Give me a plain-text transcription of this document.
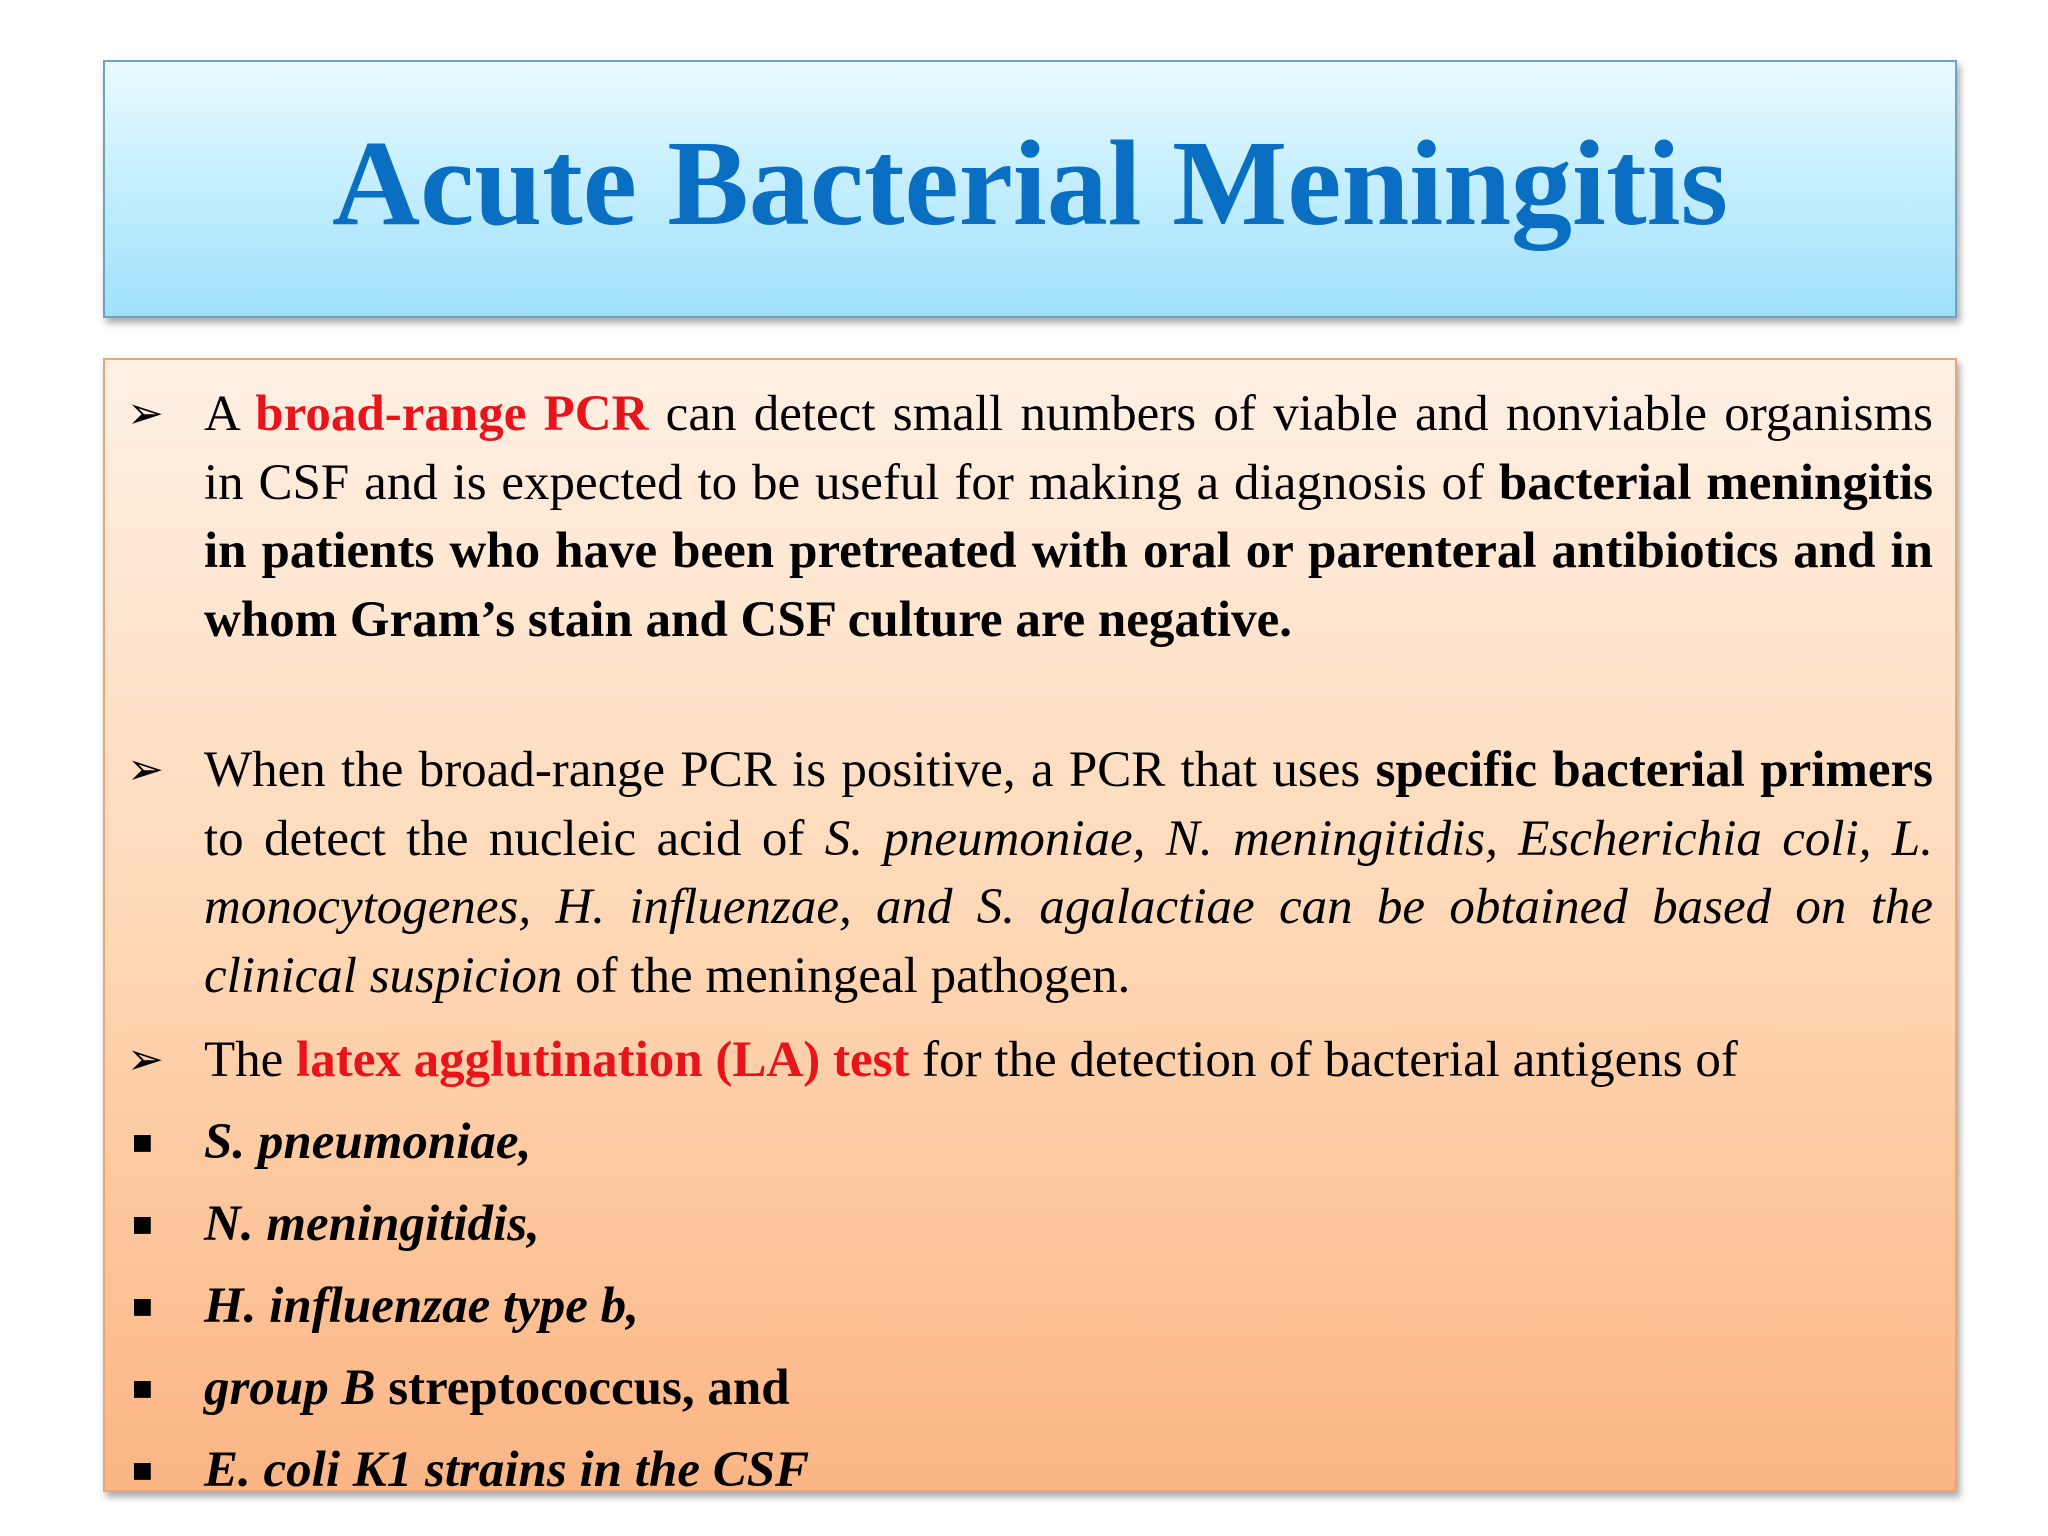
Acute Bacterial Meningitis
➢ A broad-range PCR can detect small numbers of viable and nonviable organisms in CSF and is expected to be useful for making a diagnosis of bacterial meningitis in patients who have been pretreated with oral or parenteral antibiotics and in whom Gram’s stain and CSF culture are negative.
➢ When the broad-range PCR is positive, a PCR that uses specific bacterial primers to detect the nucleic acid of S. pneumoniae, N. meningitidis, Escherichia coli, L. monocytogenes, H. influenzae, and S. agalactiae can be obtained based on the clinical suspicion of the meningeal pathogen.
➢ The latex agglutination (LA) test for the detection of bacterial antigens of
■ S. pneumoniae,
■ N. meningitidis,
■ H. influenzae type b,
■ group B streptococcus, and
■ E. coli K1 strains in the CSF
